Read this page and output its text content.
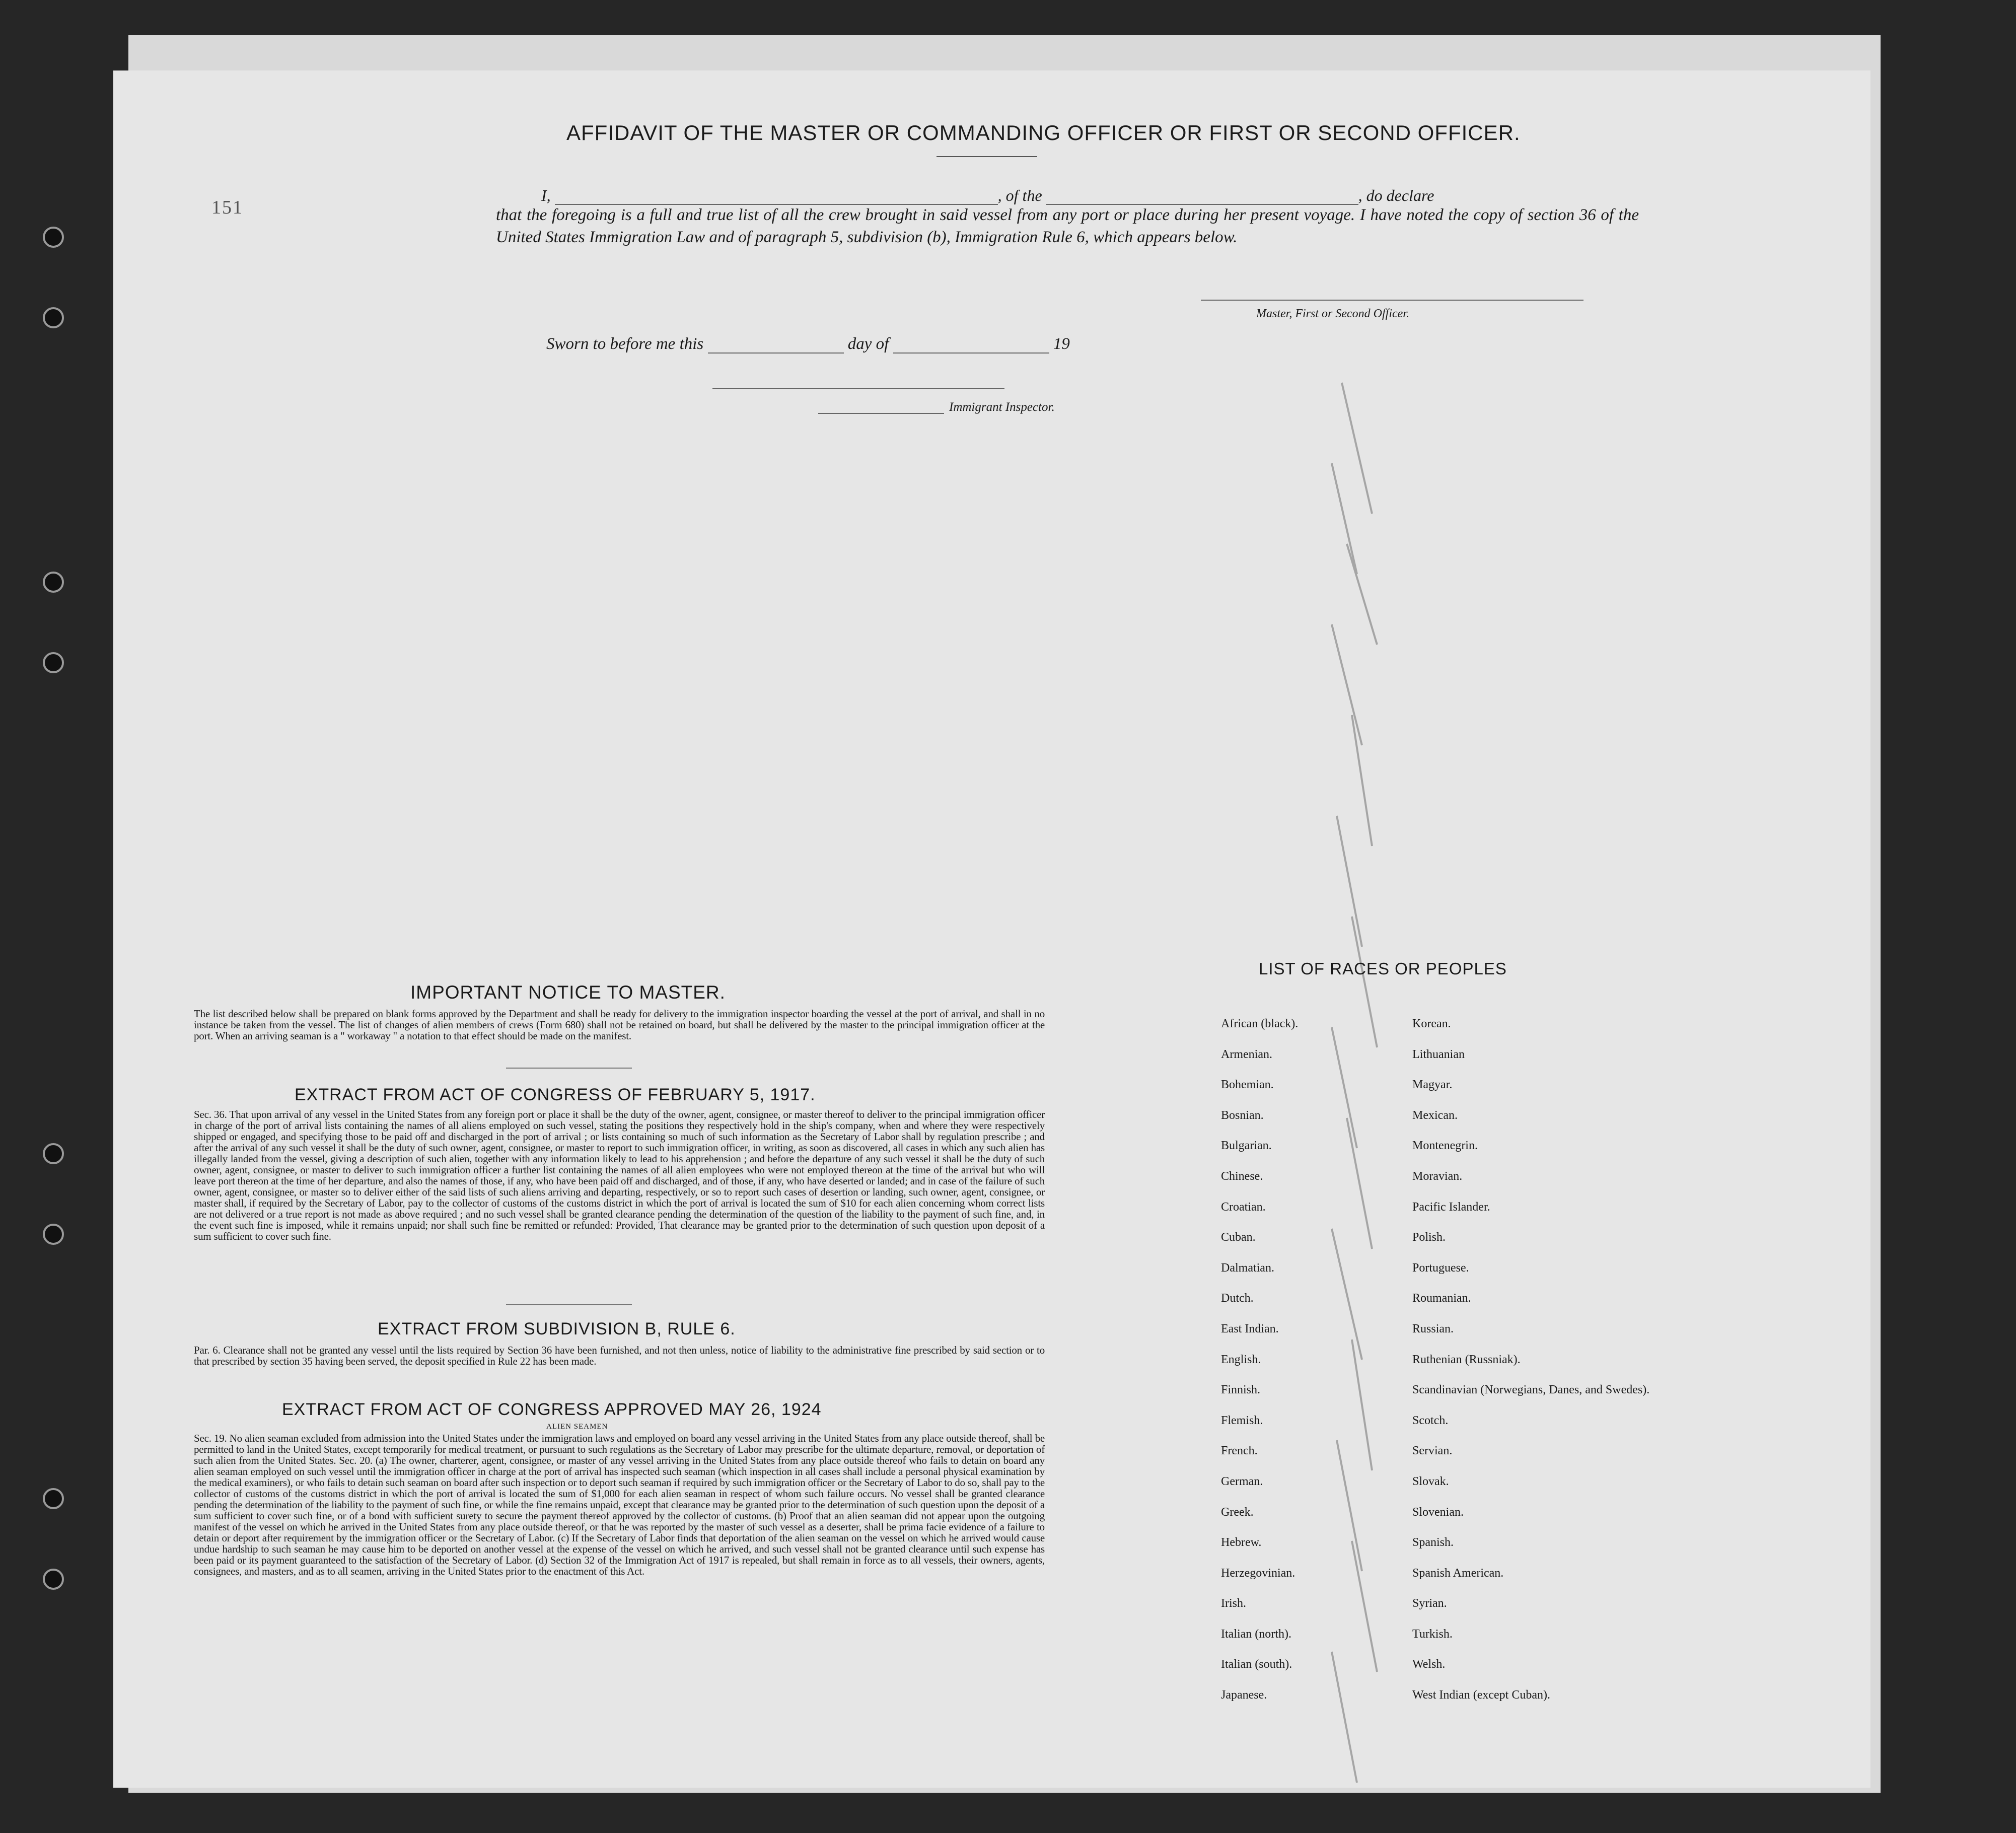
151
AFFIDAVIT OF THE MASTER OR COMMANDING OFFICER OR FIRST OR SECOND OFFICER.
I,	, of the	, do declare
that the foregoing is a full and true list of all the crew brought in said vessel from any port or place during her present voyage. I have noted the copy of section 36 of the United States Immigration Law and of paragraph 5, subdivision (b), Immigration Rule 6, which appears below.
Master, First or Second Officer.
Sworn to before me this	day of	19
Immigrant Inspector.
IMPORTANT NOTICE TO MASTER.
The list described below shall be prepared on blank forms approved by the Department and shall be ready for delivery to the immigration inspector boarding the vessel at the port of arrival, and shall in no instance be taken from the vessel. The list of changes of alien members of crews (Form 680) shall not be retained on board, but shall be delivered by the master to the principal immigration officer at the port. When an arriving seaman is a " workaway " a notation to that effect should be made on the manifest.
EXTRACT FROM ACT OF CONGRESS OF FEBRUARY 5, 1917.
Sec. 36. That upon arrival of any vessel in the United States from any foreign port or place it shall be the duty of the owner, agent, consignee, or master thereof to deliver to the principal immigration officer in charge of the port of arrival lists containing the names of all aliens employed on such vessel, stating the positions they respectively hold in the ship's company, when and where they were respectively shipped or engaged, and specifying those to be paid off and discharged in the port of arrival ; or lists containing so much of such information as the Secretary of Labor shall by regulation prescribe ; and after the arrival of any such vessel it shall be the duty of such owner, agent, consignee, or master to report to such immigration officer, in writing, as soon as discovered, all cases in which any such alien has illegally landed from the vessel, giving a description of such alien, together with any information likely to lead to his apprehension ; and before the departure of any such vessel it shall be the duty of such owner, agent, consignee, or master to deliver to such immigration officer a further list containing the names of all alien employees who were not employed thereon at the time of the arrival but who will leave port thereon at the time of her departure, and also the names of those, if any, who have been paid off and discharged, and of those, if any, who have deserted or landed; and in case of the failure of such owner, agent, consignee, or master so to deliver either of the said lists of such aliens arriving and departing, respectively, or so to report such cases of desertion or landing, such owner, agent, consignee, or master shall, if required by the Secretary of Labor, pay to the collector of customs of the customs district in which the port of arrival is located the sum of $10 for each alien concerning whom correct lists are not delivered or a true report is not made as above required ; and no such vessel shall be granted clearance pending the determination of the question of the liability to the payment of such fine, and, in the event such fine is imposed, while it remains unpaid; nor shall such fine be remitted or refunded: Provided, That clearance may be granted prior to the determination of such question upon deposit of a sum sufficient to cover such fine.
EXTRACT FROM SUBDIVISION B, RULE 6.
Par. 6. Clearance shall not be granted any vessel until the lists required by Section 36 have been furnished, and not then unless, notice of liability to the administrative fine prescribed by said section or to that prescribed by section 35 having been served, the deposit specified in Rule 22 has been made.
EXTRACT FROM ACT OF CONGRESS APPROVED MAY 26, 1924
ALIEN SEAMEN
Sec. 19. No alien seaman excluded from admission into the United States under the immigration laws and employed on board any vessel arriving in the United States from any place outside thereof, shall be permitted to land in the United States, except temporarily for medical treatment, or pursuant to such regulations as the Secretary of Labor may prescribe for the ultimate departure, removal, or deportation of such alien from the United States. Sec. 20. (a) The owner, charterer, agent, consignee, or master of any vessel arriving in the United States from any place outside thereof who fails to detain on board any alien seaman employed on such vessel until the immigration officer in charge at the port of arrival has inspected such seaman (which inspection in all cases shall include a personal physical examination by the medical examiners), or who fails to detain such seaman on board after such inspection or to deport such seaman if required by such immigration officer or the Secretary of Labor to do so, shall pay to the collector of customs of the customs district in which the port of arrival is located the sum of $1,000 for each alien seaman in respect of whom such failure occurs. No vessel shall be granted clearance pending the determination of the liability to the payment of such fine, or while the fine remains unpaid, except that clearance may be granted prior to the determination of such question upon the deposit of a sum sufficient to cover such fine, or of a bond with sufficient surety to secure the payment thereof approved by the collector of customs. (b) Proof that an alien seaman did not appear upon the outgoing manifest of the vessel on which he arrived in the United States from any place outside thereof, or that he was reported by the master of such vessel as a deserter, shall be prima facie evidence of a failure to detain or deport after requirement by the immigration officer or the Secretary of Labor. (c) If the Secretary of Labor finds that deportation of the alien seaman on the vessel on which he arrived would cause undue hardship to such seaman he may cause him to be deported on another vessel at the expense of the vessel on which he arrived, and such vessel shall not be granted clearance until such expense has been paid or its payment guaranteed to the satisfaction of the Secretary of Labor. (d) Section 32 of the Immigration Act of 1917 is repealed, but shall remain in force as to all vessels, their owners, agents, consignees, and masters, and as to all seamen, arriving in the United States prior to the enactment of this Act.
LIST OF RACES OR PEOPLES
African (black).
Armenian.
Bohemian.
Bosnian.
Bulgarian.
Chinese.
Croatian.
Cuban.
Dalmatian.
Dutch.
East Indian.
English.
Finnish.
Flemish.
French.
German.
Greek.
Hebrew.
Herzegovinian.
Irish.
Italian (north).
Italian (south).
Japanese.
Korean.
Lithuanian
Magyar.
Mexican.
Montenegrin.
Moravian.
Pacific Islander.
Polish.
Portuguese.
Roumanian.
Russian.
Ruthenian (Russniak).
Scandinavian (Norwegians, Danes, and Swedes).
Scotch.
Servian.
Slovak.
Slovenian.
Spanish.
Spanish American.
Syrian.
Turkish.
Welsh.
West Indian (except Cuban).
